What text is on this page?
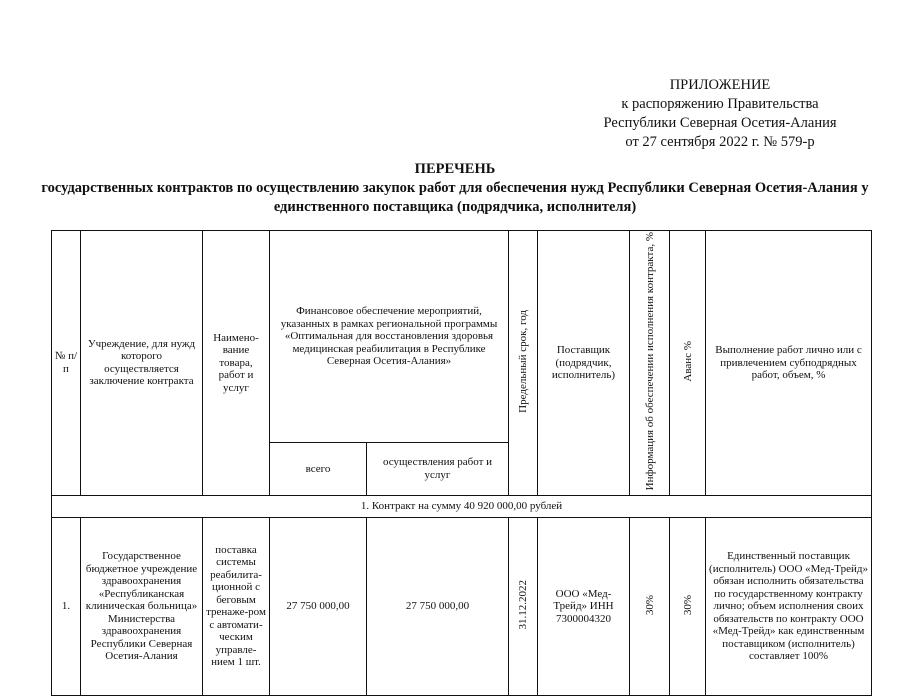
ПРИЛОЖЕНИЕ
к распоряжению Правительства
Республики Северная Осетия-Алания
от 27 сентября 2022 г. № 579-р
ПЕРЕЧЕНЬ
государственных контрактов по осуществлению закупок работ для обеспечения нужд Республики Северная Осетия-Алания у единственного поставщика (подрядчика, исполнителя)
№ п/п	Учреждение, для нужд которого осуществляется заключение контракта	Наимено-вание товара, работ и услуг	Финансовое обеспечение мероприятий, указанных в рамках региональной программы «Оптимальная для восстановления здоровья медицинская реабилитация в Республике Северная Осетия-Алания»		Предельный срок, год	Поставщик (подрядчик, исполнитель)	Информация об обеспечении исполнения контракта, %	Аванс %	Выполнение работ лично или с привлечением субподрядных работ, объем, %
			всего	осуществления работ и услуг					
1. Контракт на сумму 40 920 000,00 рублей									
1.	Государственное бюджетное учреждение здравоохранения «Республиканская клиническая больница» Министерства здравоохранения Республики Северная Осетия-Алания	поставка системы реабилита-ционной с беговым тренаже-ром с автомати-ческим управле-нием 1 шт.	27 750 000,00	27 750 000,00	31.12.2022	ООО «Мед-Трейд» ИНН 7300004320	30%	30%	Единственный поставщик (исполнитель) ООО «Мед-Трейд» обязан исполнить обязательства по государственному контракту лично; объем исполнения своих обязательств по контракту ООО «Мед-Трейд» как единственным поставщиком (исполнитель) составляет 100%
